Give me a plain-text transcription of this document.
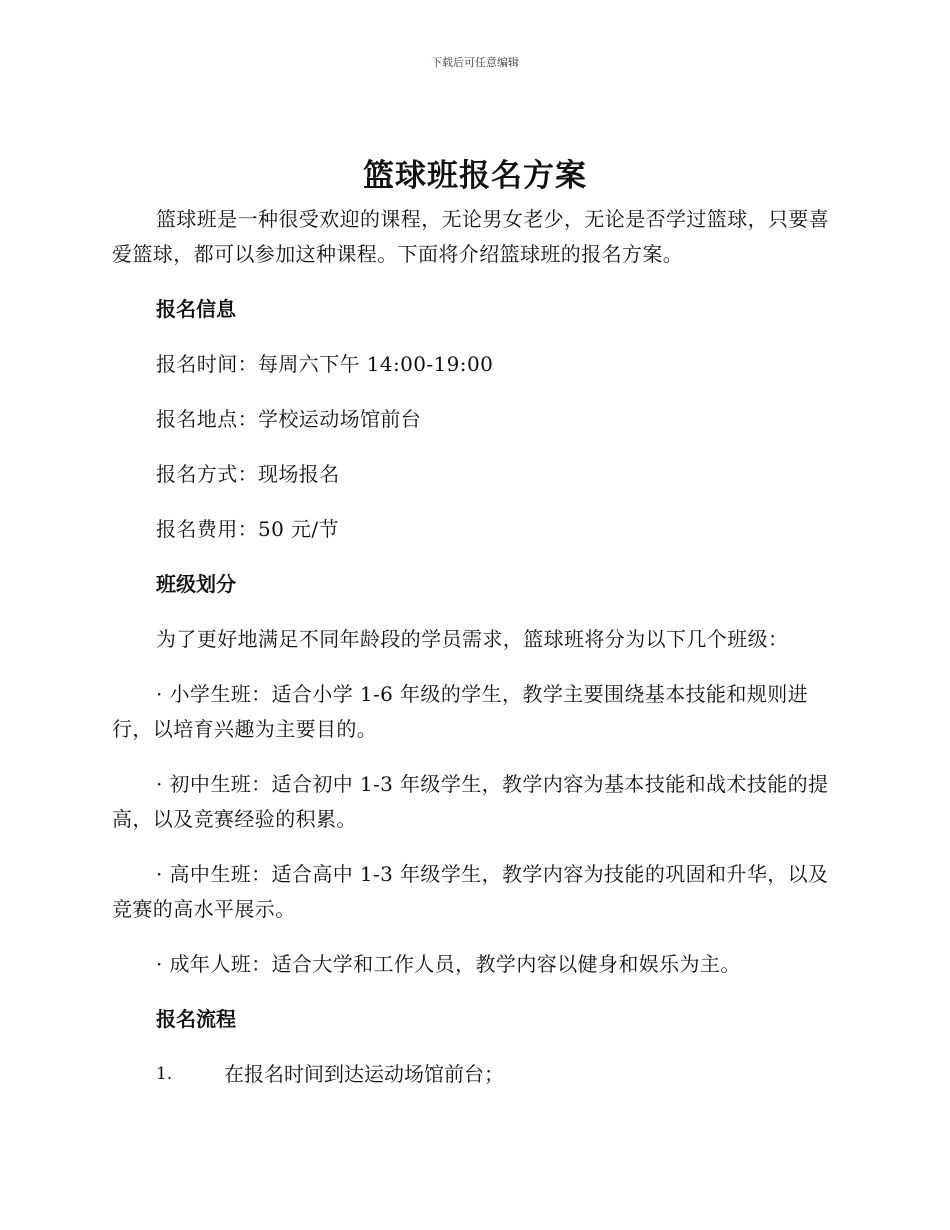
下载后可任意编辑
篮球班报名方案

篮球班是一种很受欢迎的课程，无论男女老少，无论是否学过篮球，只要喜爱篮球，都可以参加这种课程。下面将介绍篮球班的报名方案。

报名信息
报名时间：每周六下午 14:00-19:00
报名地点：学校运动场馆前台
报名方式：现场报名
报名费用：50 元/节
班级划分

为了更好地满足不同年龄段的学员需求，篮球班将分为以下几个班级：

· 小学生班：适合小学 1-6 年级的学生，教学主要围绕基本技能和规则进行，以培育兴趣为主要目的。

· 初中生班：适合初中 1-3 年级学生，教学内容为基本技能和战术技能的提高，以及竞赛经验的积累。

· 高中生班：适合高中 1-3 年级学生，教学内容为技能的巩固和升华，以及竞赛的高水平展示。

· 成年人班：适合大学和工作人员，教学内容以健身和娱乐为主。

报名流程
1.	在报名时间到达运动场馆前台；
